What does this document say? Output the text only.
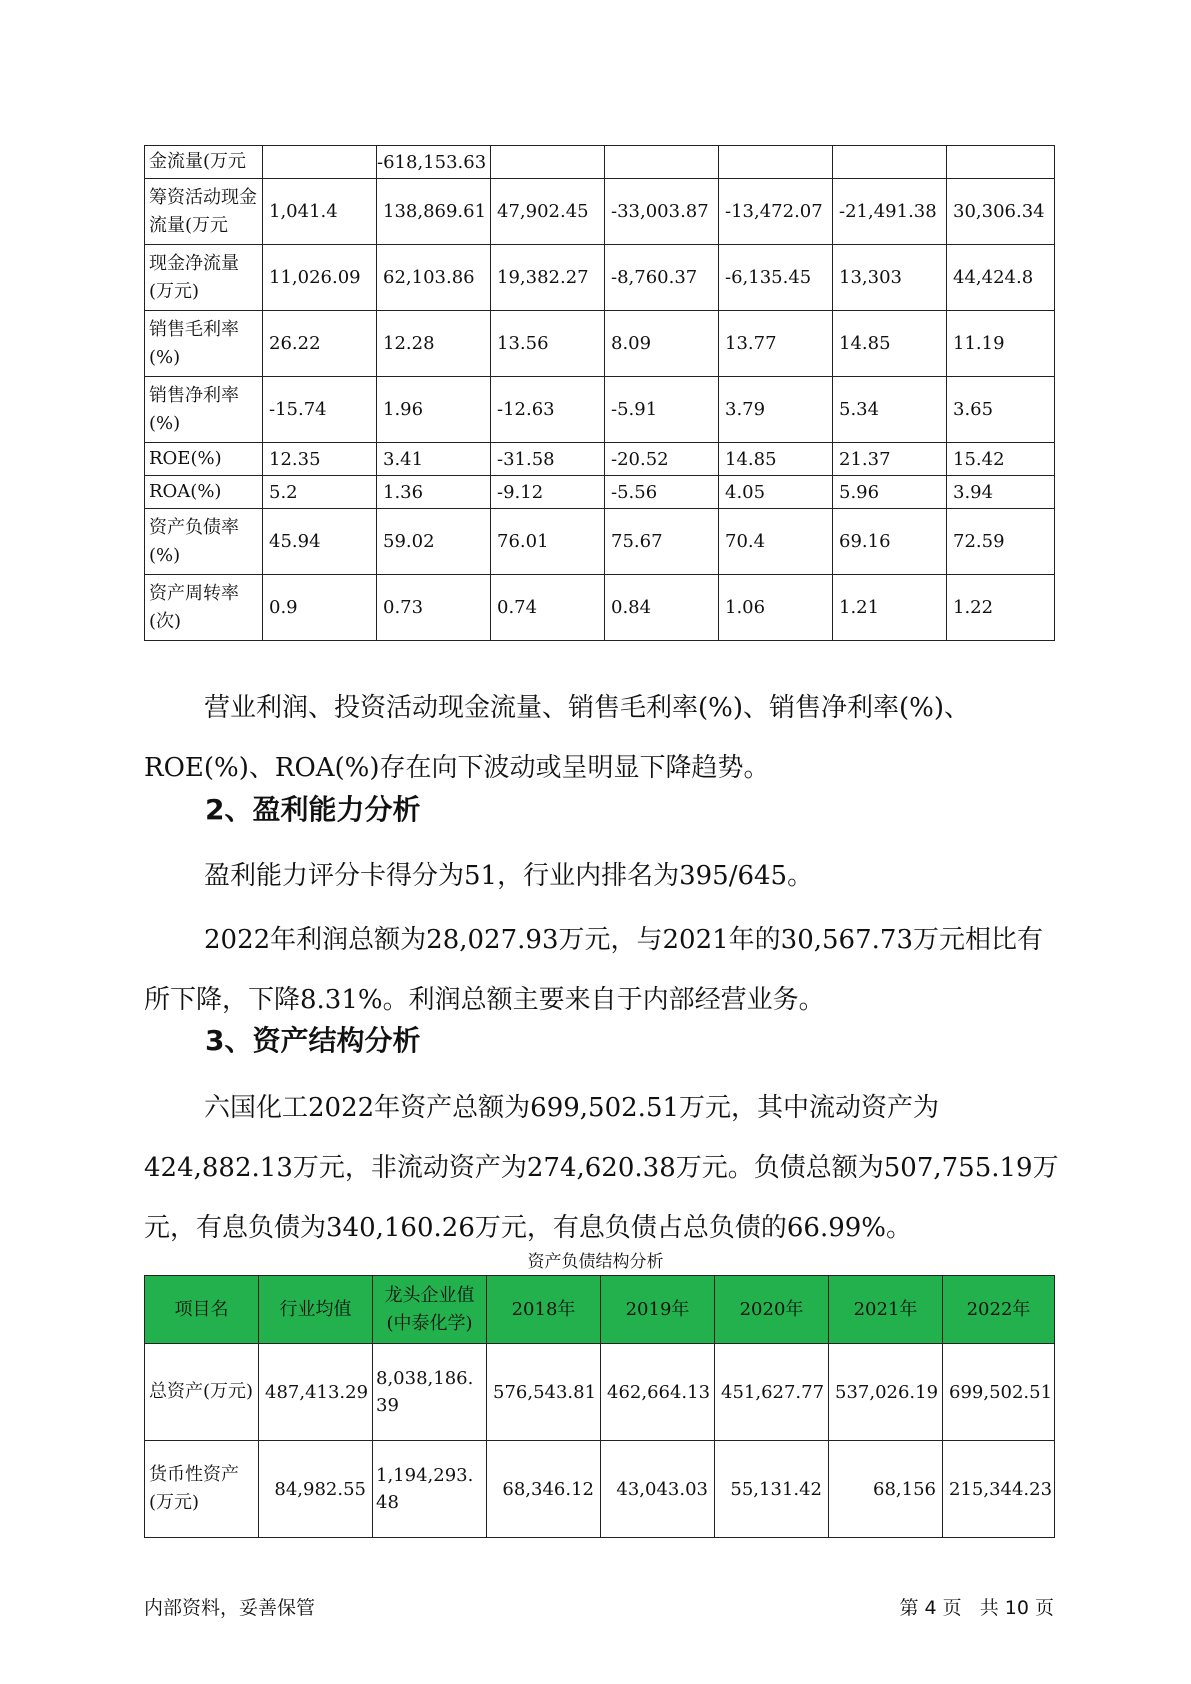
金流量(万元		-618,153.63					
筹资活动现金流量(万元	1,041.4	138,869.61	47,902.45	-33,003.87	-13,472.07	-21,491.38	30,306.34
现金净流量(万元)	11,026.09	62,103.86	19,382.27	-8,760.37	-6,135.45	13,303	44,424.8
销售毛利率(%)	26.22	12.28	13.56	8.09	13.77	14.85	11.19
销售净利率(%)	-15.74	1.96	-12.63	-5.91	3.79	5.34	3.65
ROE(%)	12.35	3.41	-31.58	-20.52	14.85	21.37	15.42
ROA(%)	5.2	1.36	-9.12	-5.56	4.05	5.96	3.94
资产负债率(%)	45.94	59.02	76.01	75.67	70.4	69.16	72.59
资产周转率(次)	0.9	0.73	0.74	0.84	1.06	1.21	1.22

营业利润、投资活动现金流量、销售毛利率(%)、销售净利率(%)、ROE(%)、ROA(%)存在向下波动或呈明显下降趋势。

2、盈利能力分析

盈利能力评分卡得分为51，行业内排名为395/645。

2022年利润总额为28,027.93万元，与2021年的30,567.73万元相比有所下降，下降8.31%。利润总额主要来自于内部经营业务。

3、资产结构分析

六国化工2022年资产总额为699,502.51万元，其中流动资产为424,882.13万元，非流动资产为274,620.38万元。负债总额为507,755.19万元，有息负债为340,160.26万元，有息负债占总负债的66.99%。

资产负债结构分析
项目名	行业均值	龙头企业值(中泰化学)	2018年	2019年	2020年	2021年	2022年
总资产(万元)	487,413.29	8,038,186.39	576,543.81	462,664.13	451,627.77	537,026.19	699,502.51
货币性资产(万元)	84,982.55	1,194,293.48	68,346.12	43,043.03	55,131.42	68,156	215,344.23
内部资料，妥善保管	第 4 页   共 10 页
